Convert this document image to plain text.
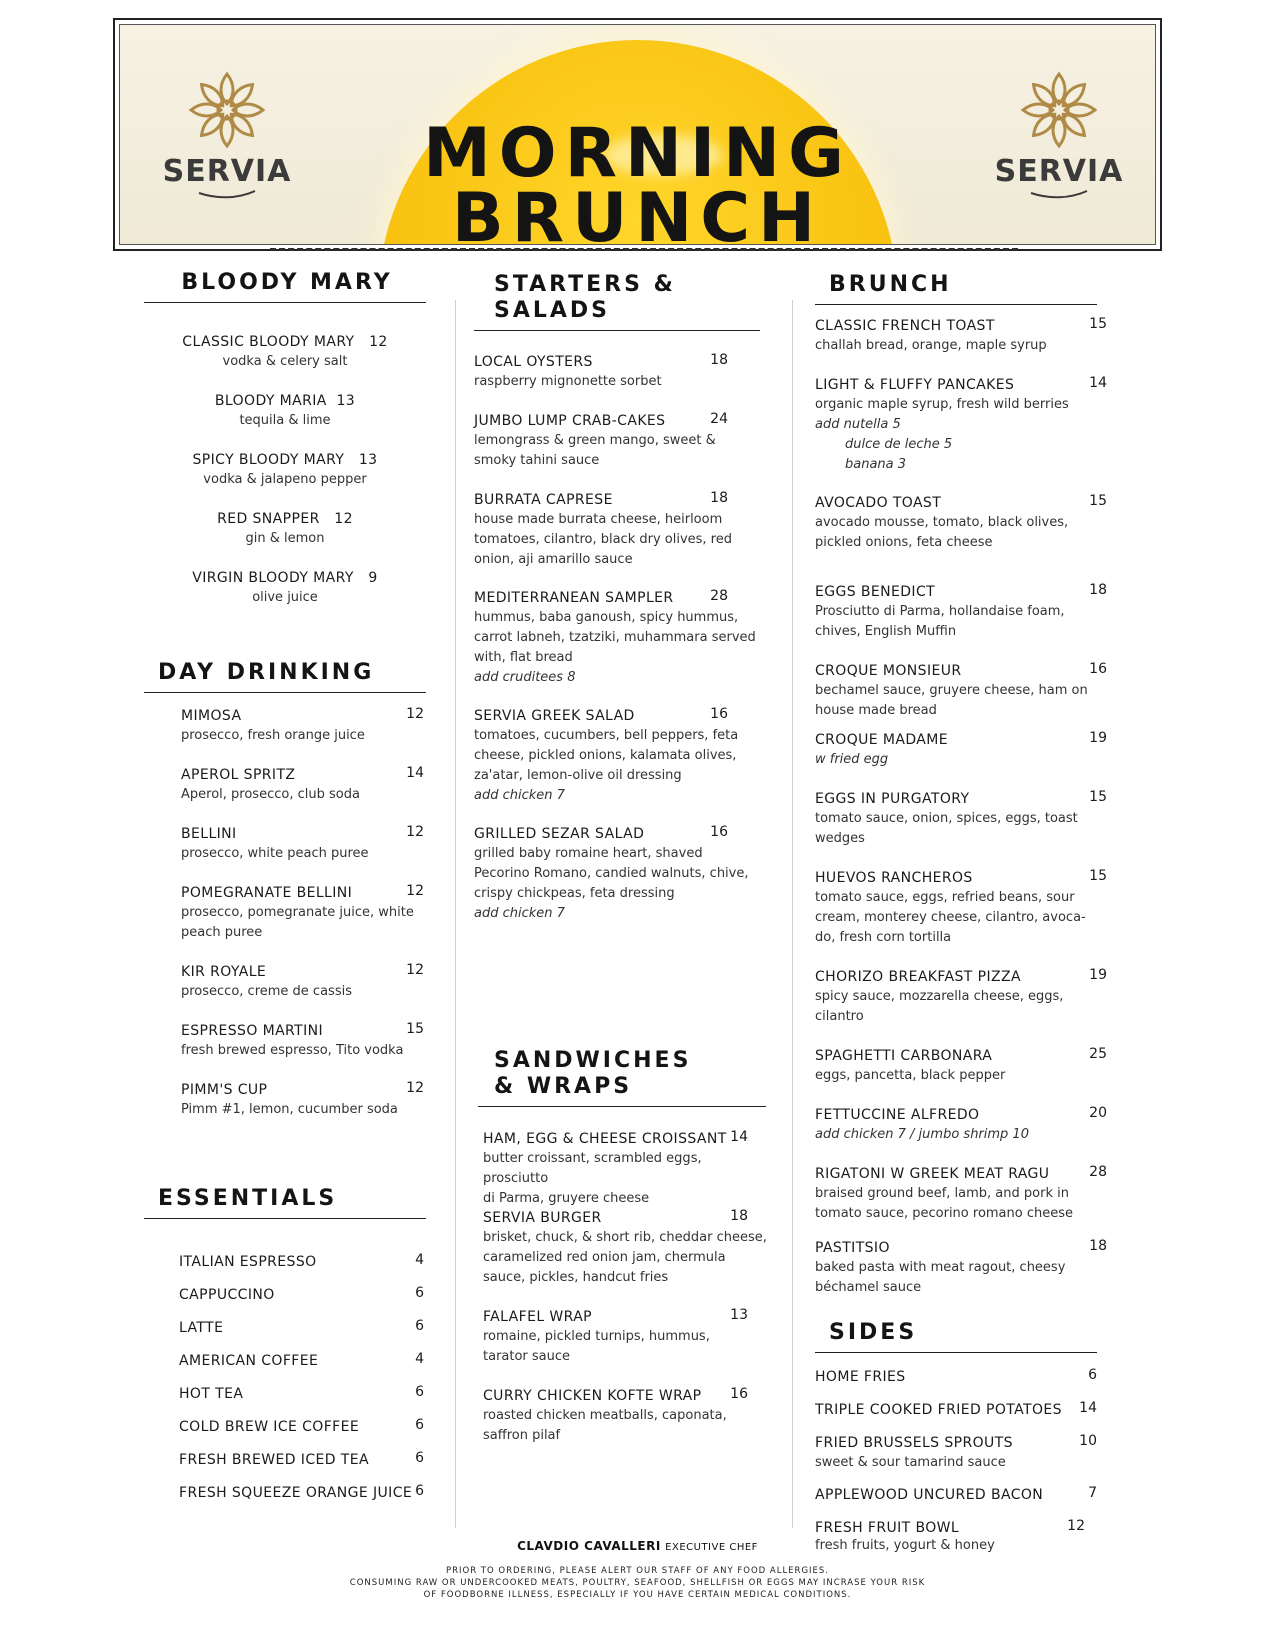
MORNING
BRUNCH
SERVIA	SERVIA
BLOODY MARY
CLASSIC BLOODY MARY 12
vodka & celery salt
BLOODY MARIA 13
tequila & lime
SPICY BLOODY MARY 13
vodka & jalapeno pepper
RED SNAPPER 12
gin & lemon
VIRGIN BLOODY MARY 9
olive juice
DAY DRINKING
MIMOSA	12
prosecco, fresh orange juice
APEROL SPRITZ	14
Aperol, prosecco, club soda
BELLINI	12
prosecco, white peach puree
POMEGRANATE BELLINI	12
prosecco, pomegranate juice, white
peach puree
KIR ROYALE	12
prosecco, creme de cassis
ESPRESSO MARTINI	15
fresh brewed espresso, Tito vodka
PIMM'S CUP	12
Pimm #1, lemon, cucumber soda
ESSENTIALS
ITALIAN ESPRESSO	4
CAPPUCCINO	6
LATTE	6
AMERICAN COFFEE	4
HOT TEA	6
COLD BREW ICE COFFEE	6
FRESH BREWED ICED TEA	6
FRESH SQUEEZE ORANGE JUICE 6
STARTERS &
SALADS
LOCAL OYSTERS	18
raspberry mignonette sorbet
JUMBO LUMP CRAB-CAKES	24
lemongrass & green mango, sweet &
smoky tahini sauce
BURRATA CAPRESE	18
house made burrata cheese, heirloom
tomatoes, cilantro, black dry olives, red
onion, aji amarillo sauce
MEDITERRANEAN SAMPLER	28
hummus, baba ganoush, spicy hummus,
carrot labneh, tzatziki, muhammara served
with, flat bread
add cruditees 8
SERVIA GREEK SALAD	16
tomatoes, cucumbers, bell peppers, feta
cheese, pickled onions, kalamata olives,
za'atar, lemon-olive oil dressing
add chicken 7
GRILLED SEZAR SALAD	16
grilled baby romaine heart, shaved
Pecorino Romano, candied walnuts, chive,
crispy chickpeas, feta dressing
add chicken 7
SANDWICHES
& WRAPS
HAM, EGG & CHEESE CROISSANT 14
butter croissant, scrambled eggs, prosciutto
di Parma, gruyere cheese
SERVIA BURGER	18
brisket, chuck, & short rib, cheddar cheese,
caramelized red onion jam, chermula
sauce, pickles, handcut fries
FALAFEL WRAP	13
romaine, pickled turnips, hummus,
tarator sauce
CURRY CHICKEN KOFTE WRAP 16
roasted chicken meatballs, caponata,
saffron pilaf
BRUNCH
CLASSIC FRENCH TOAST	15
challah bread, orange, maple syrup
LIGHT & FLUFFY PANCAKES	14
organic maple syrup, fresh wild berries
add nutella 5
dulce de leche 5
banana 3
AVOCADO TOAST	15
avocado mousse, tomato, black olives,
pickled onions, feta cheese
EGGS BENEDICT	18
Prosciutto di Parma, hollandaise foam,
chives, English Muffin
CROQUE MONSIEUR	16
bechamel sauce, gruyere cheese, ham on
house made bread
CROQUE MADAME	19
w fried egg
EGGS IN PURGATORY	15
tomato sauce, onion, spices, eggs, toast
wedges
HUEVOS RANCHEROS	15
tomato sauce, eggs, refried beans, sour
cream, monterey cheese, cilantro, avoca-
do, fresh corn tortilla
CHORIZO BREAKFAST PIZZA	19
spicy sauce, mozzarella cheese, eggs,
cilantro
SPAGHETTI CARBONARA	25
eggs, pancetta, black pepper
FETTUCCINE ALFREDO	20
add chicken 7 / jumbo shrimp 10
RIGATONI W GREEK MEAT RAGU	28
braised ground beef, lamb, and pork in
tomato sauce, pecorino romano cheese
PASTITSIO	18
baked pasta with meat ragout, cheesy
béchamel sauce
SIDES
HOME FRIES	6
TRIPLE COOKED FRIED POTATOES 14
FRIED BRUSSELS SPROUTS	10
sweet & sour tamarind sauce
APPLEWOOD UNCURED BACON	7
FRESH FRUIT BOWL	12
fresh fruits, yogurt & honey
CLAVDIO CAVALLERI EXECUTIVE CHEF
PRIOR TO ORDERING, PLEASE ALERT OUR STAFF OF ANY FOOD ALLERGIES.
CONSUMING RAW OR UNDERCOOKED MEATS, POULTRY, SEAFOOD, SHELLFISH OR EGGS MAY INCRASE YOUR RISK
OF FOODBORNE ILLNESS, ESPECIALLY IF YOU HAVE CERTAIN MEDICAL CONDITIONS.
